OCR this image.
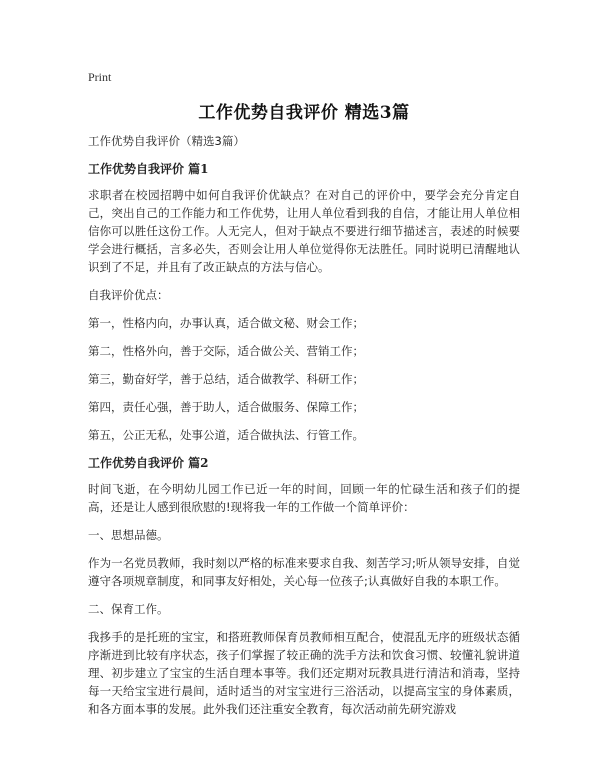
Print
工作优势自我评价 精选3篇

工作优势自我评价（精选3篇）

工作优势自我评价 篇1

求职者在校园招聘中如何自我评价优缺点？在对自己的评价中，要学会充分肯定自己，突出自己的工作能力和工作优势，让用人单位看到我的自信，才能让用人单位相信你可以胜任这份工作。人无完人，但对于缺点不要进行细节描述言，表述的时候要学会进行概括，言多必失，否则会让用人单位觉得你无法胜任。同时说明已清醒地认识到了不足，并且有了改正缺点的方法与信心。

自我评价优点：

第一，性格内向，办事认真，适合做文秘、财会工作；

第二，性格外向，善于交际，适合做公关、营销工作；

第三，勤奋好学，善于总结，适合做教学、科研工作；

第四，责任心强，善于助人，适合做服务、保障工作；

第五，公正无私，处事公道，适合做执法、行管工作。

工作优势自我评价 篇2

时间飞逝，在今明幼儿园工作已近一年的时间，回顾一年的忙碌生活和孩子们的提高，还是让人感到很欣慰的!现将我一年的工作做一个简单评价：

一、思想品德。

作为一名党员教师，我时刻以严格的标准来要求自我、刻苦学习;听从领导安排，自觉遵守各项规章制度，和同事友好相处，关心每一位孩子;认真做好自我的本职工作。

二、保育工作。

我拸手的是托班的宝宝，和搭班教师保育员教师相互配合，使混乱无序的班级状态循序渐进到比较有序状态，孩子们掌握了较正确的洗手方法和饮食习惯、较懂礼貌讲道理、初步建立了宝宝的生活自理本事等。我们还定期对玩教具进行清洁和消毒，坚持每一天给宝宝进行晨间，适时适当的对宝宝进行三浴活动，以提高宝宝的身体素质，和各方面本事的发展。此外我们还注重安全教育，每次活动前先研究游戏
